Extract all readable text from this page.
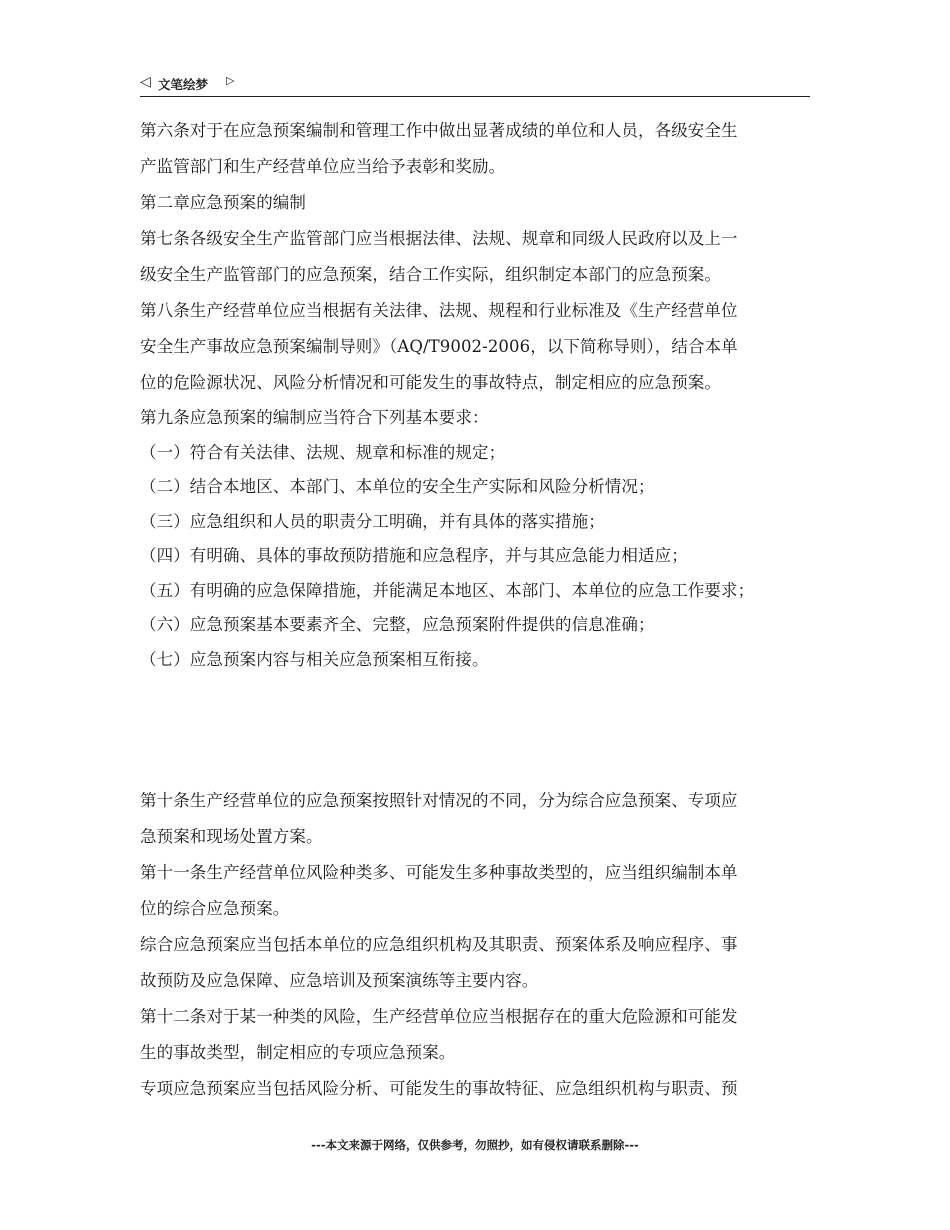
◁ 文笔绘梦 ▷
第六条对于在应急预案编制和管理工作中做出显著成绩的单位和人员，各级安全生
产监管部门和生产经营单位应当给予表彰和奖励。
第二章应急预案的编制
第七条各级安全生产监管部门应当根据法律、法规、规章和同级人民政府以及上一
级安全生产监管部门的应急预案，结合工作实际，组织制定本部门的应急预案。
第八条生产经营单位应当根据有关法律、法规、规程和行业标准及《生产经营单位
安全生产事故应急预案编制导则》（AQ/T9002-2006，以下简称导则），结合本单
位的危险源状况、风险分析情况和可能发生的事故特点，制定相应的应急预案。
第九条应急预案的编制应当符合下列基本要求：
（一）符合有关法律、法规、规章和标准的规定；
（二）结合本地区、本部门、本单位的安全生产实际和风险分析情况；
（三）应急组织和人员的职责分工明确，并有具体的落实措施；
（四）有明确、具体的事故预防措施和应急程序，并与其应急能力相适应；
（五）有明确的应急保障措施，并能满足本地区、本部门、本单位的应急工作要求；
（六）应急预案基本要素齐全、完整，应急预案附件提供的信息准确；
（七）应急预案内容与相关应急预案相互衔接。
第十条生产经营单位的应急预案按照针对情况的不同，分为综合应急预案、专项应
急预案和现场处置方案。
第十一条生产经营单位风险种类多、可能发生多种事故类型的，应当组织编制本单
位的综合应急预案。
综合应急预案应当包括本单位的应急组织机构及其职责、预案体系及响应程序、事
故预防及应急保障、应急培训及预案演练等主要内容。
第十二条对于某一种类的风险，生产经营单位应当根据存在的重大危险源和可能发
生的事故类型，制定相应的专项应急预案。
专项应急预案应当包括风险分析、可能发生的事故特征、应急组织机构与职责、预
---本文来源于网络，仅供参考，勿照抄，如有侵权请联系删除---
